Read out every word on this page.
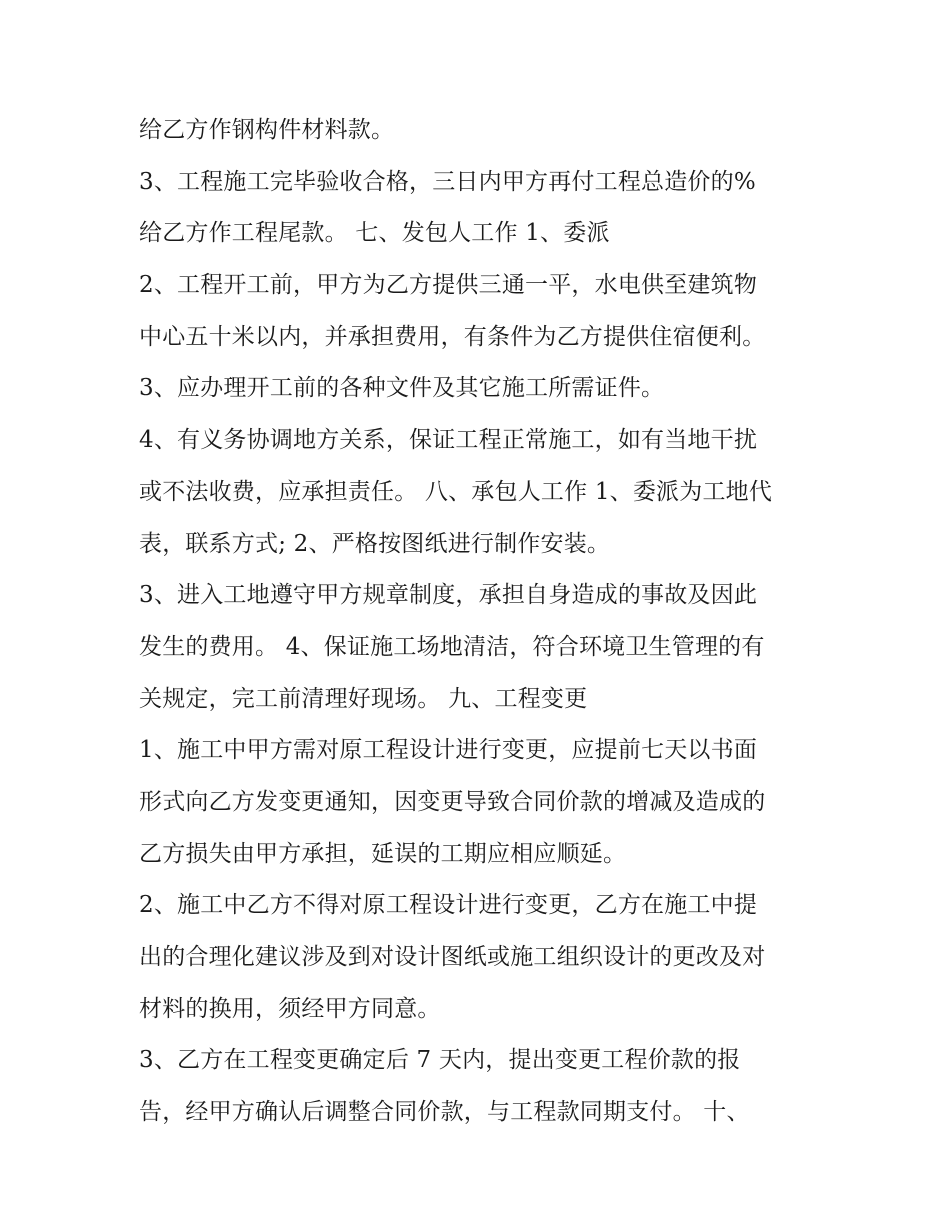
给乙方作钢构件材料款。
3、工程施工完毕验收合格，三日内甲方再付工程总造价的%
给乙方作工程尾款。 七、发包人工作 1、委派
2、工程开工前，甲方为乙方提供三通一平，水电供至建筑物
中心五十米以内，并承担费用，有条件为乙方提供住宿便利。
3、应办理开工前的各种文件及其它施工所需证件。
4、有义务协调地方关系，保证工程正常施工，如有当地干扰
或不法收费，应承担责任。 八、承包人工作 1、委派为工地代
表，联系方式; 2、严格按图纸进行制作安装。
3、进入工地遵守甲方规章制度，承担自身造成的事故及因此
发生的费用。 4、保证施工场地清洁，符合环境卫生管理的有
关规定，完工前清理好现场。 九、工程变更
1、施工中甲方需对原工程设计进行变更，应提前七天以书面
形式向乙方发变更通知，因变更导致合同价款的增减及造成的
乙方损失由甲方承担，延误的工期应相应顺延。
2、施工中乙方不得对原工程设计进行变更，乙方在施工中提
出的合理化建议涉及到对设计图纸或施工组织设计的更改及对
材料的换用，须经甲方同意。
3、乙方在工程变更确定后 7 天内，提出变更工程价款的报
告，经甲方确认后调整合同价款，与工程款同期支付。 十、
